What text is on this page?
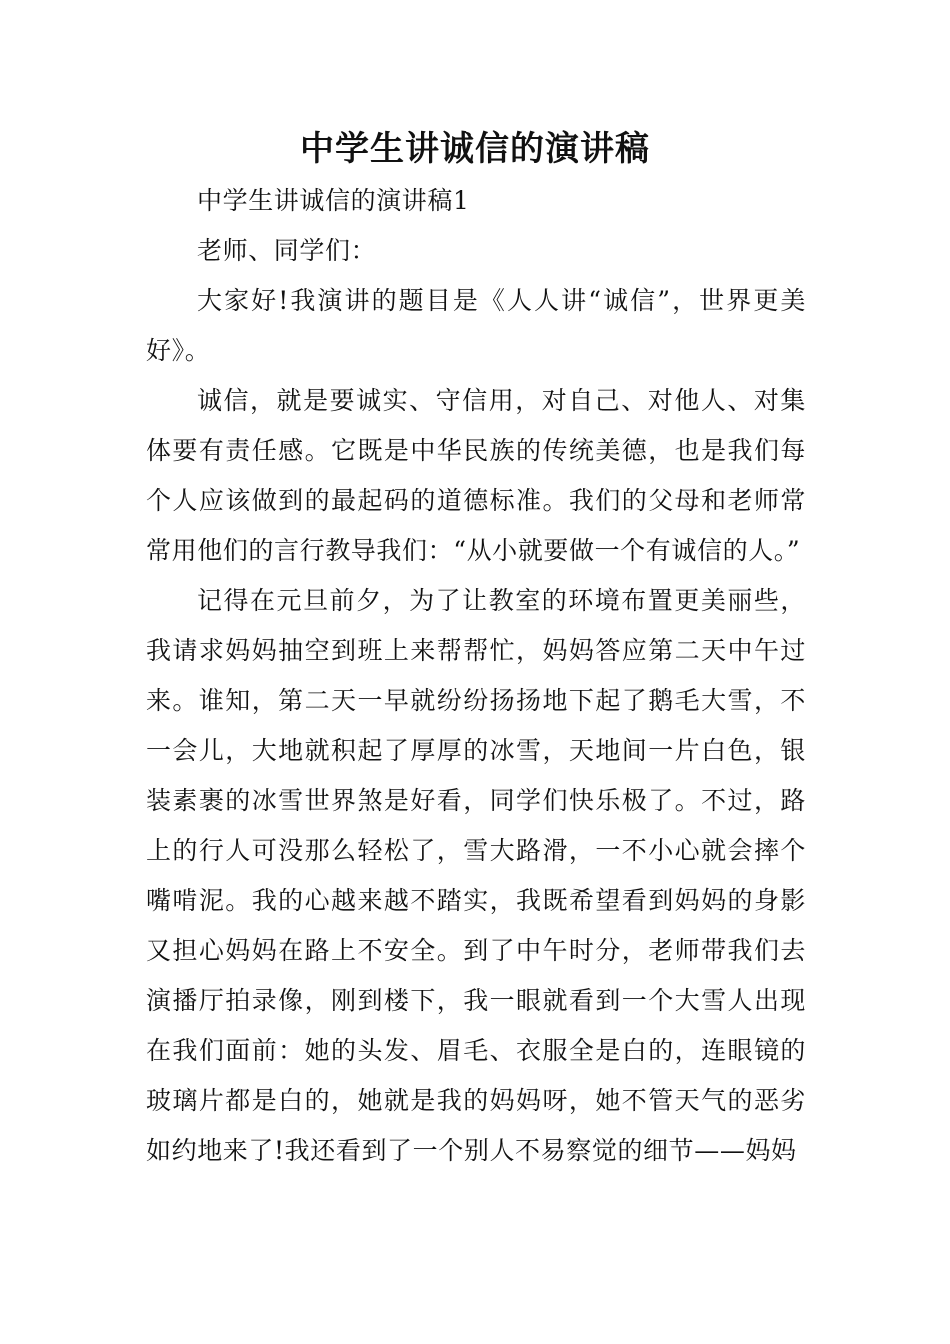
中学生讲诚信的演讲稿

中学生讲诚信的演讲稿1

老师、同学们：

大家好!我演讲的题目是《人人讲“诚信”，世界更美好》。

诚信，就是要诚实、守信用，对自己、对他人、对集体要有责任感。它既是中华民族的传统美德，也是我们每个人应该做到的最起码的道德标准。我们的父母和老师常常用他们的言行教导我们：“从小就要做一个有诚信的人。”

记得在元旦前夕，为了让教室的环境布置更美丽些，我请求妈妈抽空到班上来帮帮忙，妈妈答应第二天中午过来。谁知，第二天一早就纷纷扬扬地下起了鹅毛大雪，不一会儿，大地就积起了厚厚的冰雪，天地间一片白色，银装素裹的冰雪世界煞是好看，同学们快乐极了。不过，路上的行人可没那么轻松了，雪大路滑，一不小心就会摔个嘴啃泥。我的心越来越不踏实，我既希望看到妈妈的身影又担心妈妈在路上不安全。到了中午时分，老师带我们去演播厅拍录像，刚到楼下，我一眼就看到一个大雪人出现在我们面前：她的头发、眉毛、衣服全是白的，连眼镜的玻璃片都是白的，她就是我的妈妈呀，她不管天气的恶劣如约地来了!我还看到了一个别人不易察觉的细节——妈妈
